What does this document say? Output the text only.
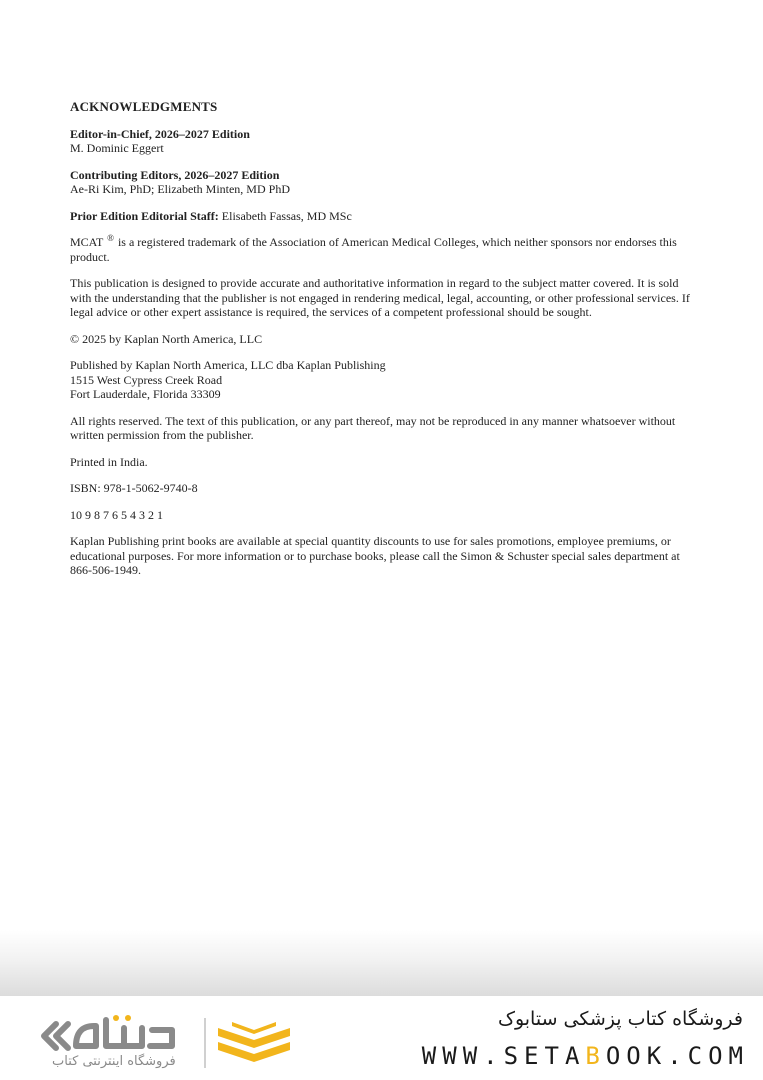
ACKNOWLEDGMENTS
Editor-in-Chief, 2026–2027 Edition
M. Dominic Eggert
Contributing Editors, 2026–2027 Edition
Ae-Ri Kim, PhD; Elizabeth Minten, MD PhD
Prior Edition Editorial Staff: Elisabeth Fassas, MD MSc
MCAT ® is a registered trademark of the Association of American Medical Colleges, which neither sponsors nor endorses this product.
This publication is designed to provide accurate and authoritative information in regard to the subject matter covered. It is sold with the understanding that the publisher is not engaged in rendering medical, legal, accounting, or other professional services. If legal advice or other expert assistance is required, the services of a competent professional should be sought.
© 2025 by Kaplan North America, LLC
Published by Kaplan North America, LLC dba Kaplan Publishing
1515 West Cypress Creek Road
Fort Lauderdale, Florida 33309
All rights reserved. The text of this publication, or any part thereof, may not be reproduced in any manner whatsoever without written permission from the publisher.
Printed in India.
ISBN: 978-1-5062-9740-8
10 9 8 7 6 5 4 3 2 1
Kaplan Publishing print books are available at special quantity discounts to use for sales promotions, employee premiums, or educational purposes. For more information or to purchase books, please call the Simon & Schuster special sales department at 866-506-1949.
فروشگاه اینترنتی کتاب
فروشگاه کتاب پزشکی ستابوک
WWW.SETABOOK.COM
